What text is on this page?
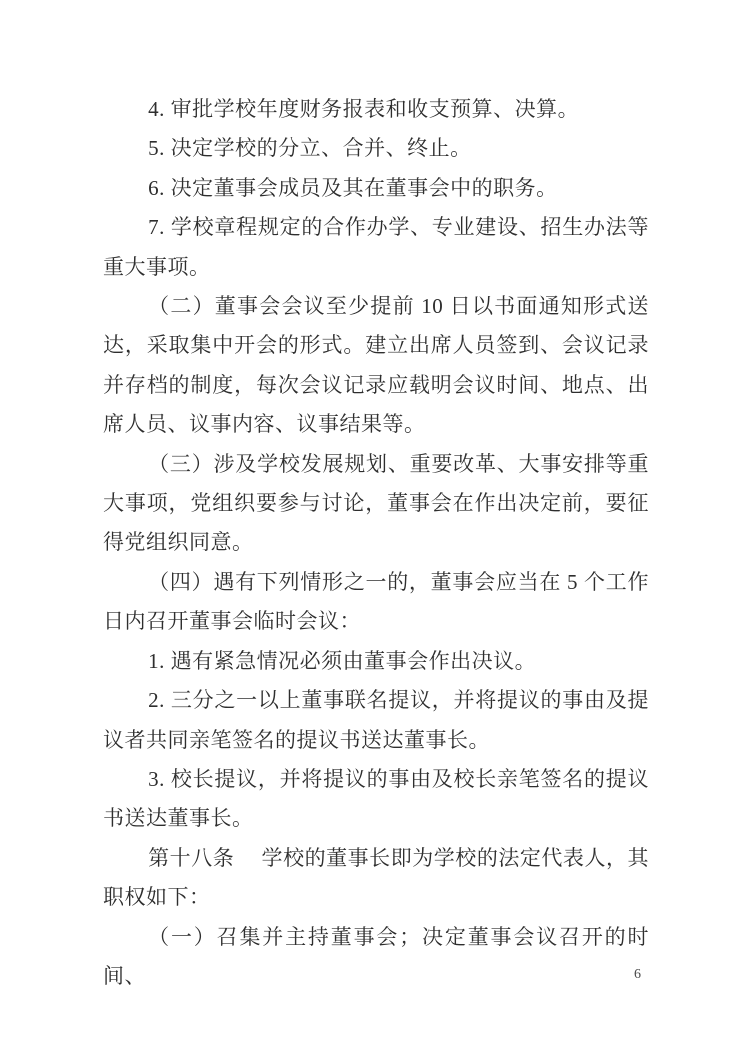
4. 审批学校年度财务报表和收支预算、决算。

5. 决定学校的分立、合并、终止。

6. 决定董事会成员及其在董事会中的职务。

7. 学校章程规定的合作办学、专业建设、招生办法等重大事项。

（二）董事会会议至少提前 10 日以书面通知形式送达，采取集中开会的形式。建立出席人员签到、会议记录并存档的制度，每次会议记录应载明会议时间、地点、出席人员、议事内容、议事结果等。

（三）涉及学校发展规划、重要改革、大事安排等重大事项，党组织要参与讨论，董事会在作出决定前，要征得党组织同意。

（四）遇有下列情形之一的，董事会应当在 5 个工作日内召开董事会临时会议：

1. 遇有紧急情况必须由董事会作出决议。

2. 三分之一以上董事联名提议，并将提议的事由及提议者共同亲笔签名的提议书送达董事长。

3. 校长提议，并将提议的事由及校长亲笔签名的提议书送达董事长。

第十八条　 学校的董事长即为学校的法定代表人，其职权如下：

（一）召集并主持董事会；决定董事会议召开的时间、	6
